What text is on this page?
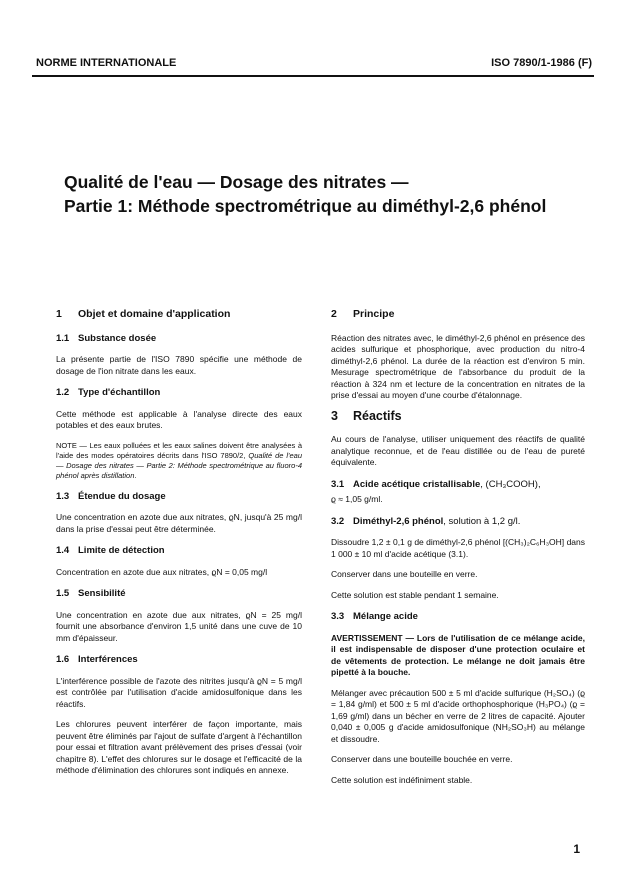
NORME INTERNATIONALE	ISO 7890/1-1986 (F)
Qualité de l'eau — Dosage des nitrates —
Partie 1: Méthode spectrométrique au diméthyl-2,6 phénol
1	Objet et domaine d'application
1.1 Substance dosée

La présente partie de l'ISO 7890 spécifie une méthode de dosage de l'ion nitrate dans les eaux.

1.2 Type d'échantillon

Cette méthode est applicable à l'analyse directe des eaux potables et des eaux brutes.

NOTE — Les eaux polluées et les eaux salines doivent être analysées à l'aide des modes opératoires décrits dans l'ISO 7890/2, Qualité de l'eau — Dosage des nitrates — Partie 2: Méthode spectrométrique au fluoro-4 phénol après distillation.

1.3 Étendue du dosage

Une concentration en azote due aux nitrates, ϱN, jusqu'à 25 mg/l dans la prise d'essai peut être déterminée.

1.4 Limite de détection

Concentration en azote due aux nitrates, ϱN = 0,05 mg/l

1.5 Sensibilité

Une concentration en azote due aux nitrates, ϱN = 25 mg/l fournit une absorbance d'environ 1,5 unité dans une cuve de 10 mm d'épaisseur.

1.6 Interférences

L'interférence possible de l'azote des nitrites jusqu'à ϱN = 5 mg/l est contrôlée par l'utilisation d'acide amidosulfonique dans les réactifs.

Les chlorures peuvent interférer de façon importante, mais peuvent être éliminés par l'ajout de sulfate d'argent à l'échantillon pour essai et filtration avant prélèvement des prises d'essai (voir chapitre 8). L'effet des chlorures sur le dosage et l'efficacité de la méthode d'élimination des chlorures sont indiqués en annexe.

2	Principe

Réaction des nitrates avec, le diméthyl-2,6 phénol en présence des acides sulfurique et phosphorique, avec production du nitro-4 diméthyl-2,6 phénol. La durée de la réaction est d'environ 5 min. Mesurage spectrométrique de l'absorbance du produit de la réaction à 324 nm et lecture de la concentration en nitrates de la prise d'essai au moyen d'une courbe d'étalonnage.

3	Réactifs

Au cours de l'analyse, utiliser uniquement des réactifs de qualité analytique reconnue, et de l'eau distillée ou de l'eau de pureté équivalente.

3.1 Acide acétique cristallisable, (CH₃COOH),

ϱ ≈ 1,05 g/ml.

3.2 Diméthyl-2,6 phénol, solution à 1,2 g/l.

Dissoudre 1,2 ± 0,1 g de diméthyl-2,6 phénol [(CH₃)₂C₆H₃OH] dans 1 000 ± 10 ml d'acide acétique (3.1).

Conserver dans une bouteille en verre.

Cette solution est stable pendant 1 semaine.

3.3 Mélange acide

AVERTISSEMENT — Lors de l'utilisation de ce mélange acide, il est indispensable de disposer d'une protection oculaire et de vêtements de protection. Le mélange ne doit jamais être pipetté à la bouche.

Mélanger avec précaution 500 ± 5 ml d'acide sulfurique (H₂SO₄) (ϱ = 1,84 g/ml) et 500 ± 5 ml d'acide orthophosphorique (H₃PO₄) (ϱ = 1,69 g/ml) dans un bécher en verre de 2 litres de capacité. Ajouter 0,040 ± 0,005 g d'acide amidosulfonique (NH₂SO₃H) au mélange et dissoudre.

Conserver dans une bouteille bouchée en verre.

Cette solution est indéfiniment stable.

1
